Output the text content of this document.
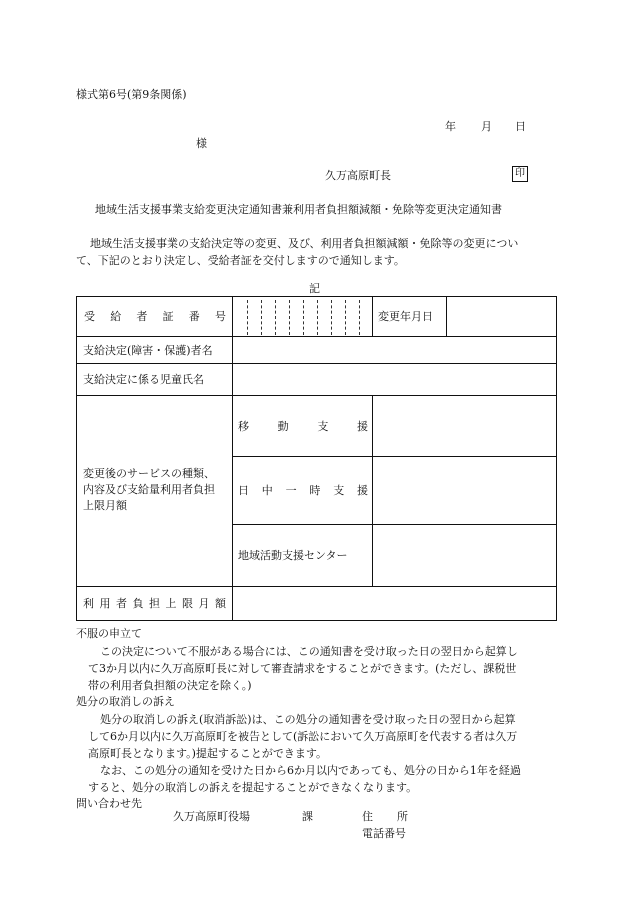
様式第6号(第9条関係)
年 月 日
様
久万高原町長	印
地域生活支援事業支給変更決定通知書兼利用者負担額減額・免除等変更決定通知書
地域生活支援事業の支給決定等の変更、及び、利用者負担額減額・免除等の変更につい
て、下記のとおり決定し、受給者証を交付しますので通知します。
記
受 給 者 証 番 号	変更年月日
支給決定(障害・保護)者名
支給決定に係る児童氏名
変更後のサービスの種類、
内容及び支給量利用者負担
上限月額
移	動	支	援
日 中 一 時 支 援
地域活動支援センター
利 用 者 負 担 上 限 月 額
不服の申立て
この決定について不服がある場合には、この通知書を受け取った日の翌日から起算し
て3か月以内に久万高原町長に対して審査請求をすることができます。(ただし、課税世
帯の利用者負担額の決定を除く。)
処分の取消しの訴え
処分の取消しの訴え(取消訴訟)は、この処分の通知書を受け取った日の翌日から起算
して6か月以内に久万高原町を被告として(訴訟において久万高原町を代表する者は久万
高原町長となります。)提起することができます。
なお、この処分の通知を受けた日から6か月以内であっても、処分の日から1年を経過
すると、処分の取消しの訴えを提起することができなくなります。
問い合わせ先
久万高原町役場	課	住 所
電話番号
